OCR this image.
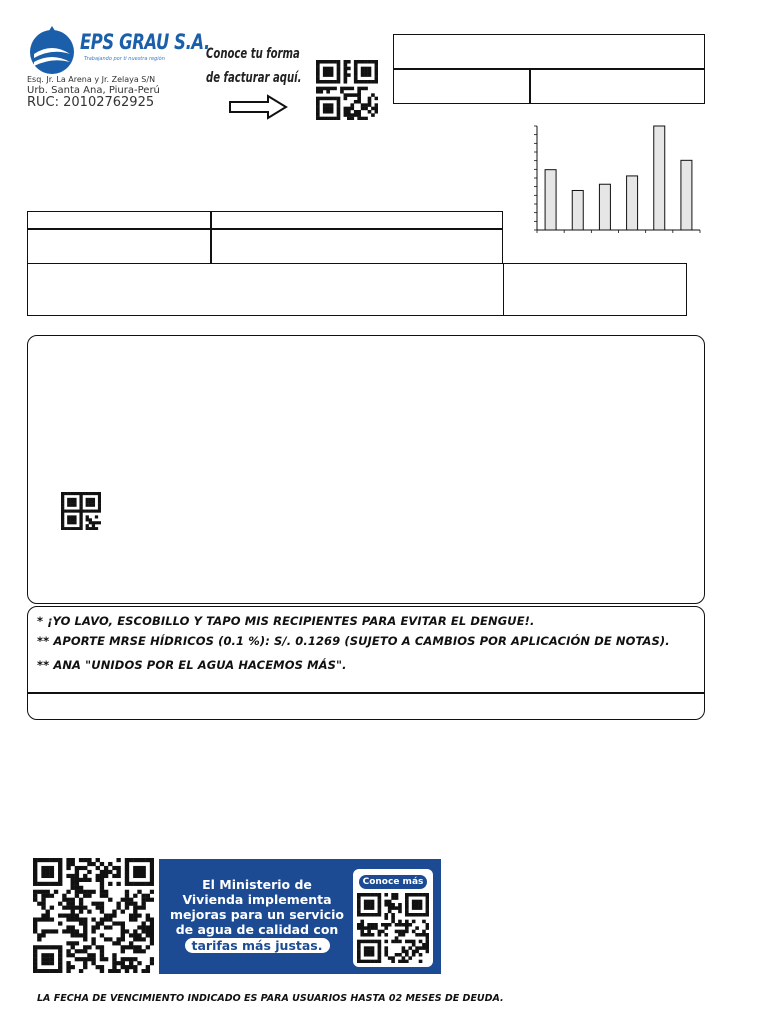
EPS GRAU S.A.
Trabajando por ti nuestra región
Esq. Jr. La Arena y Jr. Zelaya S/N
Urb. Santa Ana, Piura-Perú
RUC: 20102762925
Conoce tu forma
de facturar aquí.
* ¡YO LAVO, ESCOBILLO Y TAPO MIS RECIPIENTES PARA EVITAR EL DENGUE!.
** APORTE MRSE HÍDRICOS (0.1 %): S/. 0.1269 (SUJETO A CAMBIOS POR APLICACIÓN DE NOTAS).
** ANA "UNIDOS POR EL AGUA HACEMOS MÁS".
El Ministerio de
Vivienda implementa
mejoras para un servicio
de agua de calidad con
tarifas más justas.
Conoce más
LA FECHA DE VENCIMIENTO INDICADO ES PARA USUARIOS HASTA 02 MESES DE DEUDA.
